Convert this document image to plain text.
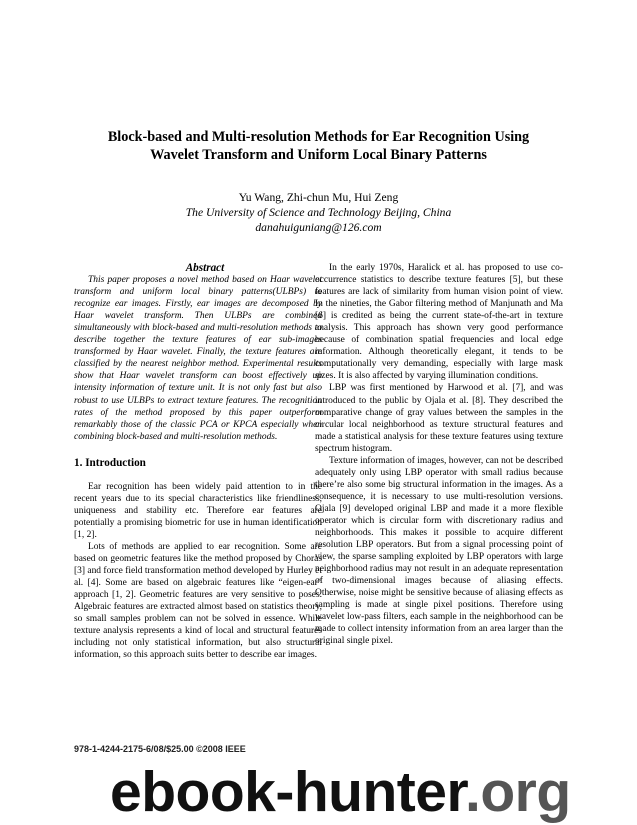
Block-based and Multi-resolution Methods for Ear Recognition Using
Wavelet Transform and Uniform Local Binary Patterns
Yu Wang, Zhi-chun Mu, Hui Zeng
The University of Science and Technology Beijing, China
danahuiguniang@126.com

Abstract

This paper proposes a novel method based on Haar wavelet transform and uniform local binary patterns(ULBPs) to recognize ear images. Firstly, ear images are decomposed by Haar wavelet transform. Then ULBPs are combined simultaneously with block-based and multi-resolution methods to describe together the texture features of ear sub-images transformed by Haar wavelet. Finally, the texture features are classified by the nearest neighbor method. Experimental results show that Haar wavelet transform can boost effectively up intensity information of texture unit. It is not only fast but also robust to use ULBPs to extract texture features. The recognition rates of the method proposed by this paper outperform remarkably those of the classic PCA or KPCA especially when combining block-based and multi-resolution methods.

1. Introduction

Ear recognition has been widely paid attention to in the recent years due to its special characteristics like friendliness, uniqueness and stability etc. Therefore ear features are potentially a promising biometric for use in human identification [1, 2].

Lots of methods are applied to ear recognition. Some are based on geometric features like the method proposed by Choras [3] and force field transformation method developed by Hurley et al. [4]. Some are based on algebraic features like “eigen-ear” approach [1, 2]. Geometric features are very sensitive to poses. Algebraic features are extracted almost based on statistics theory, so small samples problem can not be solved in essence. While texture analysis represents a kind of local and structural features including not only statistical information, but also structural information, so this approach suits better to describe ear images.

In the early 1970s, Haralick et al. has proposed to use co-occurrence statistics to describe texture features [5], but these features are lack of similarity from human vision point of view. In the nineties, the Gabor filtering method of Manjunath and Ma [6] is credited as being the current state-of-the-art in texture analysis. This approach has shown very good performance because of combination spatial frequencies and local edge information. Although theoretically elegant, it tends to be computationally very demanding, especially with large mask sizes. It is also affected by varying illumination conditions.

LBP was first mentioned by Harwood et al. [7], and was introduced to the public by Ojala et al. [8]. They described the comparative change of gray values between the samples in the circular local neighborhood as texture structural features and made a statistical analysis for these texture features using texture spectrum histogram.

Texture information of images, however, can not be described adequately only using LBP operator with small radius because there’re also some big structural information in the images. As a consequence, it is necessary to use multi-resolution versions. Ojala [9] developed original LBP and made it a more flexible operator which is circular form with discretionary radius and neighborhoods. This makes it possible to acquire different resolution LBP operators. But from a signal processing point of view, the sparse sampling exploited by LBP operators with large neighborhood radius may not result in an adequate representation of two-dimensional images because of aliasing effects. Otherwise, noise might be sensitive because of aliasing effects as sampling is made at single pixel positions. Therefore using wavelet low-pass filters, each sample in the neighborhood can be made to collect intensity information from an area larger than the original single pixel.

978-1-4244-2175-6/08/$25.00 ©2008 IEEE
ebook-hunter.org
